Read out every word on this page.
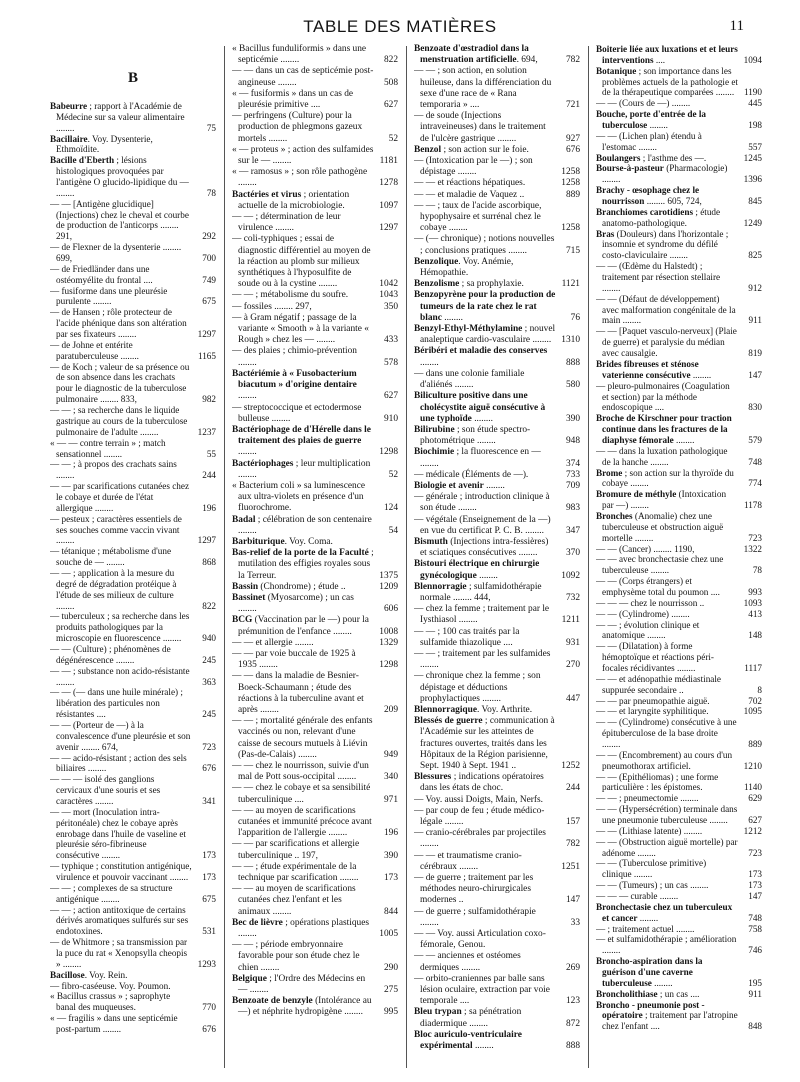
TABLE DES MATIÈRES	11
B

Babeurre ; rapport à l'Académie de Médecine sur sa valeur alimentaire ........	75

Bacillaire. Voy. Dysenterie, Ethmoïdite.

Bacille d'Eberth ; lésions histologiques provoquées par l'antigène O glucido-lipidique du — ........	78

— — [Antigène glucidique] (Injections) chez le cheval et courbe de production de l'anticorps ........ 291,	292

— de Flexner de la dysenterie ........ 699,	700

— de Friedländer dans une ostéomyélite du frontal ....	749

— fusiforme dans une pleurésie purulente ........	675

— de Hansen ; rôle protecteur de l'acide phénique dans son altération par ses fixateurs ........	1297

— de Johne et entérite paratuberculeuse ........	1165

— de Koch ; valeur de sa présence ou de son absence dans les crachats pour le diagnostic de la tuberculose pulmonaire ........ 833,	982

— — ; sa recherche dans le liquide gastrique au cours de la tuberculose pulmonaire de l'adulte ........	1237

« — — contre terrain » ; match sensationnel ........	55

— — ; à propos des crachats sains ........	244

— — par scarifications cutanées chez le cobaye et durée de l'état allergique ........	196

— pesteux ; caractères essentiels de ses souches comme vaccin vivant ........	1297

— tétanique ; métabolisme d'une souche de — ........	868

— — ; application à la mesure du degré de dégradation protéique à l'étude de ses milieux de culture ........	822

— tuberculeux ; sa recherche dans les produits pathologiques par la microscopie en fluorescence ........ 940

— — (Culture) ; phénomènes de dégénérescence ........	245

— — ; substance non acido-résistante ........	363

— — (— dans une huile minérale) ; libération des particules non résistantes ....	245

— — (Porteur de —) à la convalescence d'une pleurésie et son avenir ........ 674,	723

— — acido-résistant ; action des sels biliaires ........	676

— — — isolé des ganglions cervicaux d'une souris et ses caractères ........	341

— — mort (Inoculation intra-péritonéale) chez le cobaye après enrobage dans l'huile de vaseline et pleurésie séro-fibrineuse consécutive ........	173

— typhique ; constitution antigénique, virulence et pouvoir vaccinant ........ 173

— — ; complexes de sa structure antigénique ........	675

— — ; action antitoxique de certains dérivés aromatiques sulfurés sur ses endotoxines.	531

— de Whitmore ; sa transmission par la puce du rat « Xenopsylla cheopis » ........	1293

Bacillose. Voy. Rein.

— fibro-caséeuse. Voy. Poumon.

« Bacillus crassus » ; saprophyte banal des muqueuses.	770

« — fragilis » dans une septicémie post-partum ........	676

« Bacillus funduliformis » dans une septicémie ........	822

— — dans un cas de septicémie post-angineuse ........	508

« — fusiformis » dans un cas de pleurésie primitive ....	627

— perfringens (Culture) pour la production de phlegmons gazeux mortels ........	52

« — proteus » ; action des sulfamides sur le — ........	1181

« — ramosus » ; son rôle pathogène ........	1278

Bactéries et virus ; orientation actuelle de la microbiologie.	1097

— — ; détermination de leur virulence ........	1297

— coli-typhiques ; essai de diagnostic différentiel au moyen de la réaction au plomb sur milieux synthétiques à l'hyposulfite de soude ou à la cystine ........	1042

— — ; métabolisme du soufre.	1043

— fossiles ........ 297,	350

— à Gram négatif ; passage de la variante « Smooth » à la variante « Rough » chez les — ........	433

— des plaies ; chimio-prévention ........	578

Bactériémie à « Fusobacterium biacutum » d'origine dentaire ........	627

— streptococcique et ectodermose bulleuse ........	910

Bactériophage de d'Hérelle dans le traitement des plaies de guerre ........	1298

Bactériophages ; leur multiplication ........	52

« Bacterium coli » sa luminescence aux ultra-violets en présence d'un fluorochrome.	124

Badal ; célébration de son centenaire ........	54

Barbiturique. Voy. Coma.

Bas-relief de la porte de la Faculté ; mutilation des effigies royales sous la Terreur.	1375

Bassin (Chondrome) ; étude ..	1209

Bassinet (Myosarcome) ; un cas ........	606

BCG (Vaccination par le —) pour la prémunition de l'enfance ........	1008

— — et allergie ........	1329

— — par voie buccale de 1925 à 1935 ........	1298

— — dans la maladie de Besnier-Boeck-Schaumann ; étude des réactions à la tuberculine avant et après ........	209

— — ; mortalité générale des enfants vaccinés ou non, relevant d'une caisse de secours mutuels à Liévin (Pas-de-Calais) ........	949

— — chez le nourrisson, suivie d'un mal de Pott sous-occipital ........	340

— — chez le cobaye et sa sensibilité tuberculinique ....	971

— — au moyen de scarifications cutanées et immunité précoce avant l'apparition de l'allergie ........	196

— — par scarifications et allergie tuberculinique .. 197,	390

— — ; étude expérimentale de la technique par scarification ........	173

— — au moyen de scarifications cutanées chez l'enfant et les animaux ........	844

Bec de lièvre ; opérations plastiques ........	1005

— — ; période embryonnaire favorable pour son étude chez le chien ........	290

Belgique ; l'Ordre des Médecins en — ........	275

Benzoate de benzyle (Intolérance au —) et néphrite hydropigène ........ 995

Benzoate d'œstradiol dans la menstruation artificielle. 694,	782

— — ; son action, en solution huileuse, dans la différenciation du sexe d'une race de « Rana temporaria » ....	721

— de soude (Injections intraveineuses) dans le traitement de l'ulcère gastrique ........	927

Benzol ; son action sur le foie.	676

— (Intoxication par le —) ; son dépistage ........	1258

— — et réactions hépatiques.	1258

— — et maladie de Vaquez ..	889

— — ; taux de l'acide ascorbique, hypophysaire et surrénal chez le cobaye ........	1258

— (— chronique) ; notions nouvelles ; conclusions pratiques ........	715

Benzolique. Voy. Anémie, Hémopathie.

Benzolisme ; sa prophylaxie.	1121

Benzopyrène pour la production de tumeurs de la rate chez le rat blanc ........	76

Benzyl-Ethyl-Méthylamine ; nouvel analeptique cardio-vasculaire ........ 1310

Béribéri et maladie des conserves ........	888

— dans une colonie familiale d'aliénés ........	580

Biliculture positive dans une cholécystite aiguë consécutive à une typhoïde ........	390

Bilirubine ; son étude spectro-photométrique ........	948

Biochimie ; la fluorescence en — ........	374

— médicale (Éléments de —).	733

Biologie et avenir ........	709

— générale ; introduction clinique à son étude ........	983

— végétale (Enseignement de la —) en vue du certificat P. C. B. ........ 347

Bismuth (Injections intra-fessières) et sciatiques consécutives ........	370

Bistouri électrique en chirurgie gynécologique ........	1092

Blennorragie ; sulfamidothérapie normale ........ 444,	732

— chez la femme ; traitement par le Iysthiasol ........	1211

— — ; 100 cas traités par la sulfamide thiazolique ....	931

— — ; traitement par les sulfamides ........	270

— chronique chez la femme ; son dépistage et déductions prophylactiques ........	447

Blennorragique. Voy. Arthrite.

Blessés de guerre ; communication à l'Académie sur les atteintes de fractures ouvertes, traités dans les Hôpitaux de la Région parisienne, Sept. 1940 à Sept. 1941 ..	1252

Blessures ; indications opératoires dans les états de choc.	244

— Voy. aussi Doigts, Main, Nerfs.

— par coup de feu ; étude médico-légale ........	157

— cranio-cérébrales par projectiles ........	782

— — et traumatisme cranio-cérébraux ........	1251

— de guerre ; traitement par les méthodes neuro-chirurgicales modernes ..	147

— de guerre ; sulfamidothérapie ........	33

— — Voy. aussi Articulation coxo-fémorale, Genou.

— — anciennes et ostéomes dermiques ........	269

— orbito-craniennes par balle sans lésion oculaire, extraction par voie temporale ....	123

Bleu trypan ; sa pénétration diadermique ........	872

Bloc auriculo-ventriculaire expérimental ........	888

Boiterie liée aux luxations et et leurs interventions ....	1094

Botanique ; son importance dans les problèmes actuels de la pathologie et de la thérapeutique comparées ........ 1190

— — (Cours de —) ........	445

Bouche, porte d'entrée de la tuberculose ........	198

— — (Lichen plan) étendu à l'estomac ........	557

Boulangers ; l'asthme des —.	1245

Bourse-à-pasteur (Pharmacologie) ........	1396

Brachy - œsophage chez le nourrisson ........ 605, 724,	845

Branchiomes carotidiens ; étude anatomo-pathologique.	1249

Bras (Douleurs) dans l'horizontale ; insomnie et syndrome du défilé costo-claviculaire ........	825

— — (Œdème du Halstedt) ; traitement par résection stellaire ........	912

— — (Défaut de développement) avec malformation congénitale de la main ........	911

— — [Paquet vasculo-nerveux] (Plaie de guerre) et paralysie du médian avec causalgie.	819

Brides fibreuses et sténose vaterienne consécutive ........	147

— pleuro-pulmonaires (Coagulation et section) par la méthode endoscopique ....	830

Broche de Kirschner pour traction continue dans les fractures de la diaphyse fémorale ........	579

— — dans la luxation pathologique de la hanche ........	748

Brome ; son action sur la thyroïde du cobaye ........	774

Bromure de méthyle (Intoxication par —) ........	1178

Bronches (Anomalie) chez une tuberculeuse et obstruction aiguë mortelle ........	723

— — (Cancer) ........ 1190,	1322

— — avec bronchectasie chez une tuberculeuse ........	78

— — (Corps étrangers) et emphysème total du poumon ....	993

— — — chez le nourrisson ..	1093

— — (Cylindrome) ........	413

— — ; évolution clinique et anatomique ........	148

— — (Dilatation) à forme hémoptoïque et réactions péri-focales récidivantes ........	1117

— — et adénopathie médiastinale suppurée secondaire ..	8

— — par pneumopathie aiguë.	702

— — et laryngite syphilitique.	1095

— — (Cylindrome) consécutive à une épituberculose de la base droite ........	889

— — (Encombrement) au cours d'un pneumothorax artificiel.	1210

— — (Epithéliomas) ; une forme particulière : les épistomes.	1140

— — ; pneumectomie ........	629

— — (Hypersécrétion) terminale dans une pneumonie tuberculeuse ........ 627

— — (Lithiase latente) ........	1212

— — (Obstruction aiguë mortelle) par adénome ........	723

— — (Tuberculose primitive) clinique ........	173

— — (Tumeurs) ; un cas ........	173

— — — curable ........	147

Bronchectasie chez un tuberculeux et cancer ........	748

— ; traitement actuel ........	758

— et sulfamidothérapie ; amélioration ........	746

Broncho-aspiration dans la guérison d'une caverne tuberculeuse ........	195

Broncholithiase ; un cas ....	911

Broncho - pneumonie post - opératoire ; traitement par l'atropine chez l'enfant ....	848
